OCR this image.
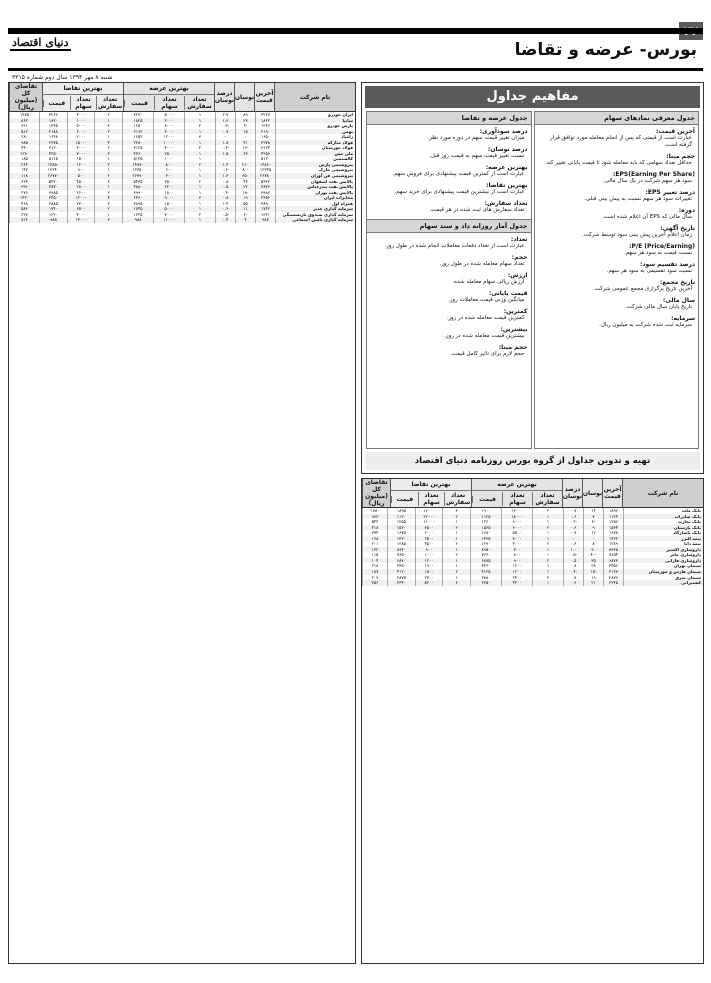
دنیای اقتصاد	بورس- عرضه و تقاضا
شنبه ۸ مهر ۱۳۹۳ سال دوم شماره ۳۳۱۵
مفاهیم جداول
جدول معرفی نمادهای سهام
آخرین قیمت:
عبارت است از قیمتی که پس از انجام معامله مورد توافق قرار گرفته است.
حجم مبنا:
حداقل تعداد سهامی که باید معامله شود تا قیمت پایانی تغییر کند.
(Earning Per Share)EPS:
سود هر سهم شرکت در یک سال مالی.
درصد تغییر EPS:
تغییرات سود هر سهم نسبت به پیش بینی قبلی.
دوره:
سال مالی که EPS آن اعلام شده است.
تاریخ آگهی:
زمان اعلام آخرین پیش بینی سود توسط شرکت.
(Price/Earning) P/E:
نسبت قیمت به سود هر سهم.
درصد تقسیم سود:
نسبت سود تقسیمی به سود هر سهم.
تاریخ مجمع:
آخرین تاریخ برگزاری مجمع عمومی شرکت.
سال مالی:
تاریخ پایان سال مالی شرکت.
سرمایه:
سرمایه ثبت شده شرکت به میلیون ریال.
جدول عرضه و تقاضا
درصد سودآوری:
میزان تغییر قیمت سهم در دوره مورد نظر.
درصد نوسان:
نسبت تغییر قیمت سهم به قیمت روز قبل.
بهترین عرضه:
عبارت است از کمترین قیمت پیشنهادی برای فروش سهم.
بهترین تقاضا:
عبارت است از بیشترین قیمت پیشنهادی برای خرید سهم.
تعداد سفارش:
تعداد سفارش های ثبت شده در هر قیمت.
جدول آمار روزانه داد و ستد سهام
تعداد:
عبارت است از تعداد دفعات معاملات انجام شده در طول روز.
حجم:
تعداد سهام معامله شده در طول روز.
ارزش:
ارزش ریالی سهام معامله شده.
قیمت پایانی:
میانگین وزنی قیمت معاملات روز.
کمترین:
کمترین قیمت معامله شده در روز.
بیشترین:
بیشترین قیمت معامله شده در روز.
حجم مبنا:
حجم لازم برای تاثیر کامل قیمت.
تهیه و تدوین جداول از گروه بورس روزنامه دنیای اقتصاد
نام شرکت
آخرین قیمت
نوسان
درصد نوسان
بهترین عرضه
تعداد سفارش
تعداد سهام
قیمت
بهترین تقاضا
تعداد سفارش
تعداد سهام
قیمت
تقاضای کل (میلیون ریال)
ایران خودرو
۳۲۶۷
۸۹
۲.۷
۱
۵۰۰۰
۳۲۷۰
۲
۴۰۰۰
۳۲۶۶
۱۴۷۵
سایپا
۱۸۲۲
۲۳
۱.۳
۱
۲۰۰۰
۱۸۲۵
۱
۱۰۰۰
۱۸۲۰
۸۶۲
پارس خودرو
۱۲۴۶
-۴
-۰.۳
۲
۸۰۰۰
۱۲۵۰
۳
۵۰۰۰
۱۲۴۵
۳۲۱
بهمن
۲۱۹۰
۱۵
۰.۷
۱
۳۰۰۰
۲۱۹۲
۲
۶۰۰۰
۲۱۸۸
۵۱۲
زامیاد
۱۶۵۰
۰
۰
۳
۱۲۰۰۰
۱۶۵۲
۱
۲۰۰۰
۱۶۴۸
۲۸۰
فولاد مبارکه
۲۳۷۸
۴۱
۱.۸
۱
۱۰۰۰۰
۲۳۸۰
۴
۱۵۰۰۰
۲۳۷۵
۹۸۵
فولاد خوزستان
۳۱۲۴
-۱۲
-۰.۴
۲
۴۰۰۰
۳۱۲۵
۲
۳۰۰۰
۳۱۲۰
۴۴۰
ملی مس
۴۲۵۶
۶۳
۱.۵
۱
۲۵۰۰
۴۲۶۰
۳
۷۰۰۰
۴۲۵۰
۱۲۳۰
کالسیمین
۵۱۲۰
۰
۰
۱
۱۰۰۰
۵۱۲۵
۱
۱۵۰۰
۵۱۱۵
۱۸۵
پتروشیمی پارس
۱۴۸۶۰
۲۱۰
۱.۴
۲
۸۰۰
۱۴۸۷۰
۲
۱۲۰۰
۱۴۸۵۰
۲۶۴
پتروشیمی خارک
۱۲۳۴۵
-۸۰
-۰.۶
۱
۶۰۰
۱۲۳۵۰
۱
۹۰۰
۱۲۳۴۰
۱۴۲
پتروشیمی فن آوران
۲۶۷۸۰
۳۵۰
۱.۳
۱
۳۰۰
۲۶۷۹۰
۲
۵۰۰
۲۶۷۷۰
۱۱۸
پالایش نفت اصفهان
۵۴۳۲
۴۴
۰.۸
۲
۳۵۰۰
۵۴۳۵
۳
۴۵۰۰
۵۴۳۰
۶۳۴
پالایش نفت بندرعباس
۴۸۷۶
۲۲
۰.۵
۱
۲۲۰۰
۴۸۸۰
۱
۲۸۰۰
۴۸۷۰
۳۹۱
پالایش نفت تهران
۳۹۸۷
-۱۸
-۰.۴
۱
۱۸۰۰
۳۹۹۰
۲
۲۶۰۰
۳۹۸۵
۲۷۶
مخابرات ایران
۲۴۵۶
۱۹
۰.۸
۳
۹۰۰۰
۲۴۶۰
۴
۱۲۰۰۰
۲۴۵۰
۱۴۲۰
همراه اول
۳۸۹۰
۵۵
۱.۴
۱
۱۵۰۰
۳۸۹۵
۲
۲۳۰۰
۳۸۸۵
۴۶۸
سرمایه گذاری غدیر
۱۷۴۲
۱۱
۰.۶
۱
۵۰۰۰
۱۷۴۵
۲
۶۵۰۰
۱۷۴۰
۵۸۳
سرمایه گذاری صندوق بازنشستگی
۱۳۲۱
-۶
-۰.۵
۲
۷۰۰۰
۱۳۲۵
۱
۴۰۰۰
۱۳۲۰
۲۲۷
سرمایه گذاری تامین اجتماعی
۹۸۷
۴
۰.۴
۱
۱۱۰۰۰
۹۸۸
۳
۱۴۰۰۰
۹۸۵
۸۱۲
نام شرکت
آخرین قیمت
نوسان
درصد نوسان
بهترین عرضه
تعداد سفارش
تعداد سهام
قیمت
بهترین تقاضا
تعداد سفارش
تعداد سهام
قیمت
تقاضای کل (میلیون ریال)
بانک ملت
۱۸۹۶
۱۴
۰.۷
۲
۱۲۰۰۰
۱۹۰۰
۳
۱۶۰۰۰
۱۸۹۵
۱۷۸۰
بانک صادرات
۱۱۲۴
۷
۰.۶
۱
۱۸۰۰۰
۱۱۲۵
۲
۲۲۰۰۰
۱۱۲۰
۹۶۳
بانک تجارت
۱۲۵۶
-۳
-۰.۲
۱
۹۰۰۰
۱۲۶۰
۱
۱۱۰۰۰
۱۲۵۵
۵۴۲
بانک پارسیان
۱۵۳۴
۹
۰.۶
۲
۶۰۰۰
۱۵۳۵
۲
۷۵۰۰
۱۵۳۰
۴۱۸
بانک پاسارگاد
۱۶۷۸
۱۲
۰.۷
۱
۵۵۰۰
۱۶۸۰
۱
۶۰۰۰
۱۶۷۵
۳۷۴
بیمه البرز
۱۴۳۲
۰
۰
۱
۳۰۰۰
۱۴۳۵
۱
۲۵۰۰
۱۴۳۰
۱۶۸
بیمه دانا
۱۲۸۹
۸
۰.۶
۲
۴۰۰۰
۱۲۹۰
۲
۴۵۰۰
۱۲۸۵
۲۰۱
داروسازی اکسیر
۸۹۴۵
۹۰
۱.۰
۱
۷۰۰
۸۹۵۰
۱
۹۰۰
۸۹۴۰
۱۳۲
داروسازی جابر
۷۶۵۴
-۴۰
-۰.۵
۱
۸۰۰
۷۶۶۰
۲
۱۰۰۰
۷۶۵۰
۱۱۵
داروسازی فارابی
۶۸۷۳
۳۵
۰.۵
۲
۹۰۰
۶۸۷۵
۱
۱۲۰۰
۶۸۷۰
۱۰۴
سیمان تهران
۳۴۵۶
۲۸
۰.۸
۱
۱۶۰۰
۳۴۶۰
۱
۱۹۰۰
۳۴۵۰
۲۱۸
سیمان فارس و خوزستان
۴۱۲۳
-۱۵
-۰.۴
۱
۱۲۰۰
۴۱۲۵
۲
۱۵۰۰
۴۱۲۰
۱۸۷
سیمان شرق
۲۸۷۶
۱۹
۰.۷
۲
۲۴۰۰
۲۸۸۰
۱
۲۷۰۰
۲۸۷۵
۲۰۹
کشتیرانی
۲۳۴۵
۲۱
۰.۹
۱
۴۴۰۰
۲۳۵۰
۳
۵۲۰۰
۲۳۴۰
۳۵۶
